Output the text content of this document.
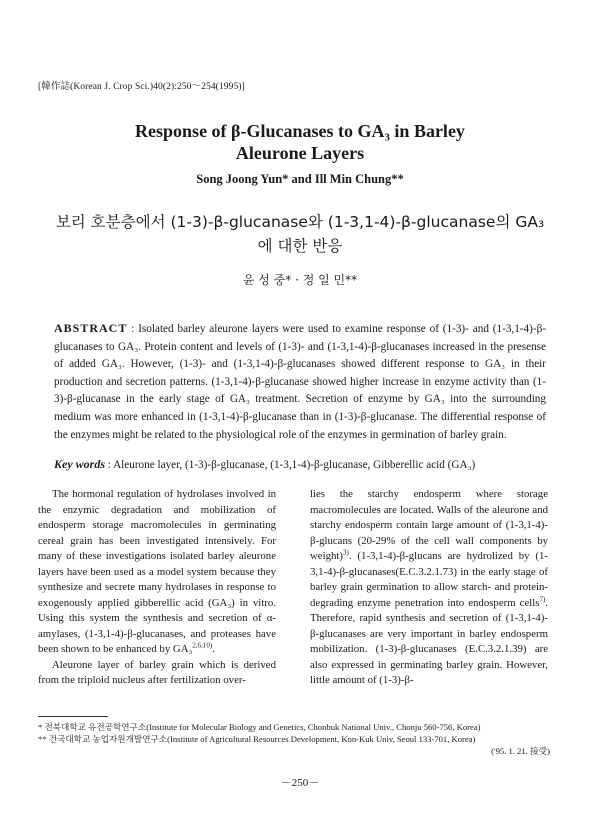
[韓作誌(Korean J. Crop Sci.)40(2):250～254(1995)]
Response of β-Glucanases to GA₃ in Barley
Aleurone Layers
Song Joong Yun* and Ill Min Chung**
보리 호분층에서 (1-3)-β-glucanase와 (1-3,1-4)-β-glucanase의 GA₃
에 대한 반응
윤 성 중* · 정 일 민**
ABSTRACT : Isolated barley aleurone layers were used to examine response of (1-3)- and (1-3,1-4)-β-glucanases to GA₃. Protein content and levels of (1-3)- and (1-3,1-4)-β-glucanases increased in the presense of added GA₃. However, (1-3)- and (1-3,1-4)-β-glucanases showed different response to GA₃ in their production and secretion patterns. (1-3,1-4)-β-glucanase showed higher increase in enzyme activity than (1-3)-β-glucanase in the early stage of GA₃ treatment. Secretion of enzyme by GA₃ into the surrounding medium was more enhanced in (1-3,1-4)-β-glucanase than in (1-3)-β-glucanase. The differential response of the enzymes might be related to the physiological role of the enzymes in germination of barley grain.
Key words : Aleurone layer, (1-3)-β-glucanase, (1-3,1-4)-β-glucanase, Gibberellic acid (GA₃)

The hormonal regulation of hydrolases involved in the enzymic degradation and mobilization of endosperm storage macromolecules in germinating cereal grain has been investigated intensively. For many of these investigations isolated barley aleurone layers have been used as a model system because they synthesize and secrete many hydrolases in response to exogenously applied gibberellic acid (GA₃) in vitro. Using this system the synthesis and secretion of α-amylases, (1-3,1-4)-β-glucanases, and proteases have been shown to be enhanced by GA₃$^{2,6,10)}$.

Aleurone layer of barley grain which is derived from the triploid nucleus after fertilization over-

lies the starchy endosperm where storage macromolecules are located. Walls of the aleurone and starchy endosperm contain large amount of (1-3,1-4)-β-glucans (20-29% of the cell wall components by weight)$^{3)}$. (1-3,1-4)-β-glucans are hydrolized by (1-3,1-4)-β-glucanases(E.C.3.2.1.73) in the early stage of barley grain germination to allow starch- and protein-degrading enzyme penetration into endosperm cells$^{7)}$. Therefore, rapid synthesis and secretion of (1-3,1-4)-β-glucanases are very important in barley endosperm mobilization. (1-3)-β-glucanases (E.C.3.2.1.39) are also expressed in germinating barley grain. However, little amount of (1-3)-β-

* 전북대학교 유전공학연구소(Institute for Molecular Biology and Genetics, Chonbuk National Univ., Chonju 560-756, Korea)
** 건국대학교 농업자원개발연구소(Institute of Agricultural Resources Development, Kon-Kuk Univ, Seoul 133-701, Korea)
('95. 1. 21. 接受)
－250－
